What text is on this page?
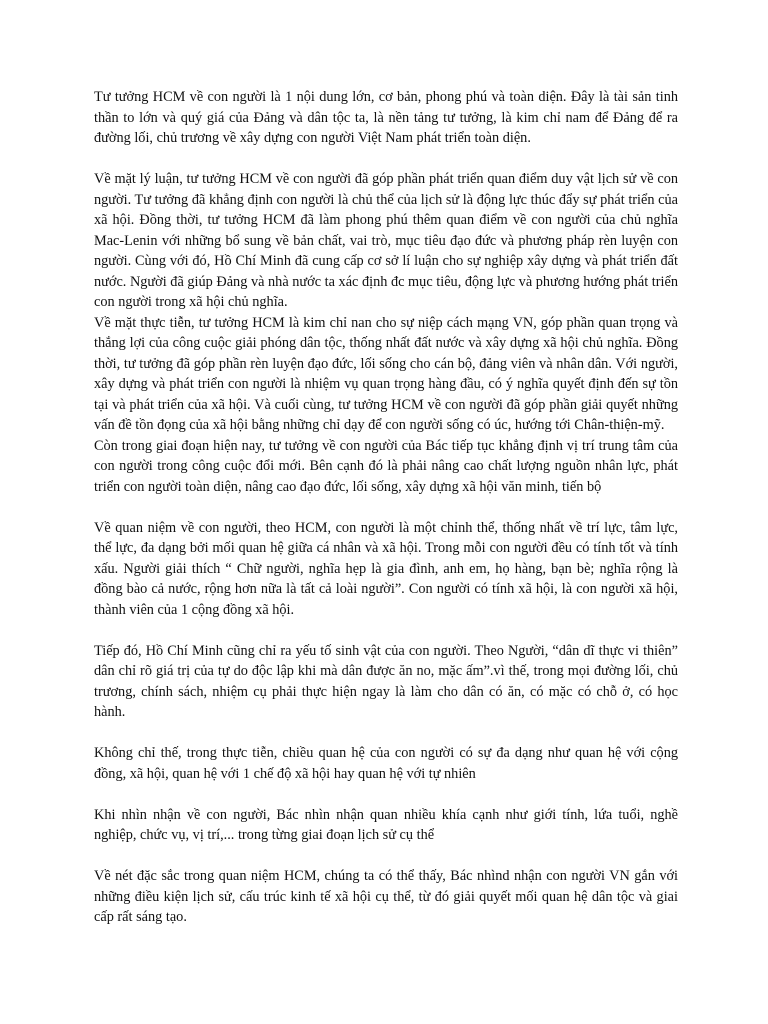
Tư tưởng HCM về con người là 1 nội dung lớn, cơ bản, phong phú và toàn diện. Đây là tài sản tinh thần to lớn và quý giá của Đảng và dân tộc ta, là nền tảng tư tưởng, là kim chỉ nam để Đảng để ra đường lối, chủ trương về xây dựng con người Việt Nam phát triển toàn diện.

Về mặt lý luận, tư tưởng HCM về con người đã góp phần phát triển quan điểm duy vật lịch sử về con người. Tư tưởng đã khẳng định con người là chủ thể của lịch sử là động lực thúc đẩy sự phát triển của xã hội. Đồng thời, tư tưởng HCM đã làm phong phú thêm quan điểm về con người của chủ nghĩa Mac-Lenin với những bổ sung về bản chất, vai trò, mục tiêu đạo đức và phương pháp rèn luyện con người. Cùng với đó, Hồ Chí Minh đã cung cấp cơ sở lí luận cho sự nghiệp xây dựng và phát triển đất nước. Người đã giúp Đảng và nhà nước ta xác định đc mục tiêu, động lực và phương hướng phát triển con người trong xã hội chủ nghĩa.

Về mặt thực tiễn, tư tưởng HCM là kim chỉ nan cho sự niệp cách mạng VN, góp phần quan trọng và thắng lợi của công cuộc giải phóng dân tộc, thống nhất đất nước và xây dựng xã hội chủ nghĩa. Đồng thời, tư tưởng đã góp phần rèn luyện đạo đức, lối sống cho cán bộ, đảng viên và nhân dân. Với người, xây dựng và phát triển con người là nhiệm vụ quan trọng hàng đầu, có ý nghĩa quyết định đến sự tồn tại và phát triển của xã hội. Và cuối cùng, tư tưởng HCM về con người đã góp phần giải quyết những vấn đề tồn đọng của xã hội bằng những chỉ dạy để con người sống có úc, hướng tới Chân-thiện-mỹ.

Còn trong giai đoạn hiện nay, tư tưởng về con người của Bác tiếp tục khẳng định vị trí trung tâm của con người trong công cuộc đổi mới. Bên cạnh đó là phải nâng cao chất lượng nguồn nhân lực, phát triển con người toàn diện, nâng cao đạo đức, lối sống, xây dựng xã hội văn minh, tiến bộ

Về quan niệm về con người, theo HCM, con người là một chỉnh thể, thống nhất về trí lực, tâm lực, thể lực, đa dạng bởi mối quan hệ giữa cá nhân và xã hội. Trong mỗi con người đều có tính tốt và tính xấu. Người giải thích “ Chữ người, nghĩa hẹp là gia đình, anh em, họ hàng, bạn bè; nghĩa rộng là đồng bào cả nước, rộng hơn nữa là tất cả loài người”. Con người có tính xã hội, là con người xã hội, thành viên của 1 cộng đồng xã hội.

Tiếp đó, Hồ Chí Minh cũng chỉ ra yếu tố sinh vật của con người. Theo Người, “dân dĩ thực vi thiên” dân chỉ rõ giá trị của tự do độc lập khi mà dân được ăn no, mặc ấm”.vì thế, trong mọi đường lối, chủ trương, chính sách, nhiệm cụ phải thực hiện ngay là làm cho dân có ăn, có mặc có chỗ ở, có học hành.

Không chỉ thế, trong thực tiễn, chiều quan hệ của con người có sự đa dạng như quan hệ với cộng đồng, xã hội, quan hệ với 1 chế độ xã hội hay quan hệ với tự nhiên

Khi nhìn nhận về con người, Bác nhìn nhận quan nhiều khía cạnh như giới tính, lứa tuổi, nghề nghiệp, chức vụ, vị trí,... trong từng giai đoạn lịch sử cụ thể

Về nét đặc sắc trong quan niệm HCM, chúng ta có thể thấy, Bác nhìnd nhận con người VN gắn với những điều kiện lịch sử, cấu trúc kinh tế xã hội cụ thể, từ đó giải quyết mối quan hệ dân tộc và giai cấp rất sáng tạo.
